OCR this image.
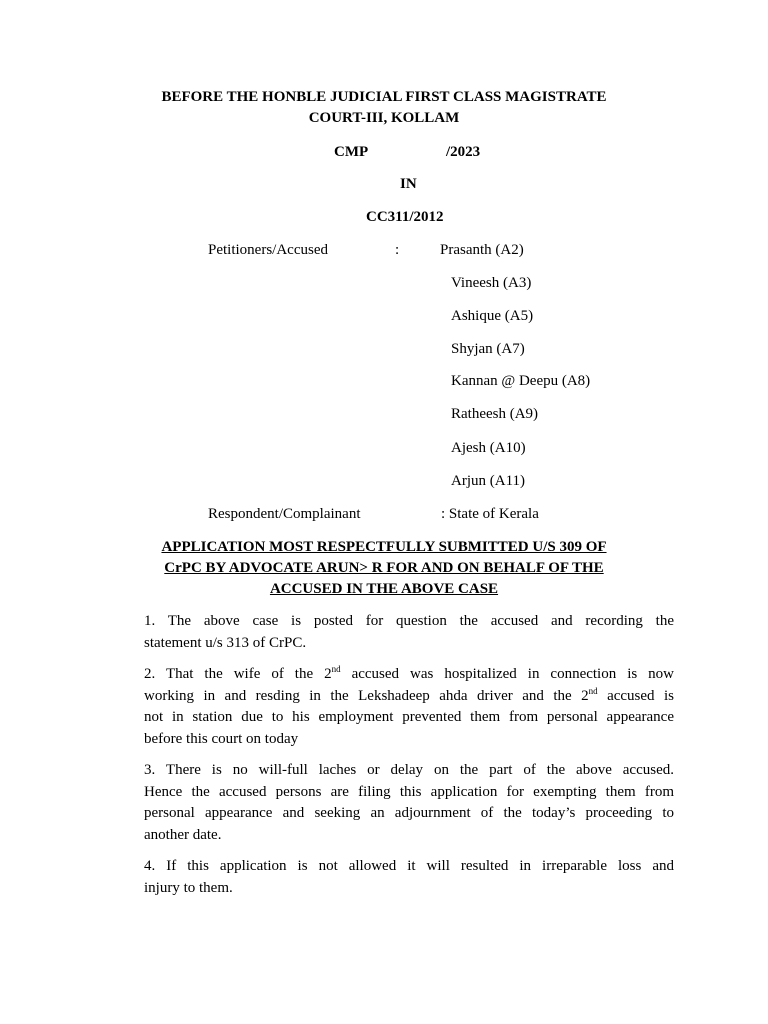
BEFORE THE HONBLE JUDICIAL FIRST CLASS MAGISTRATE
COURT-III, KOLLAM
CMP	/2023
IN
CC311/2012
Petitioners/Accused	:	Prasanth (A2)
Vineesh (A3)
Ashique (A5)
Shyjan (A7)
Kannan @ Deepu (A8)
Ratheesh (A9)
Ajesh (A10)
Arjun (A11)
Respondent/Complainant	: State of Kerala
APPLICATION MOST RESPECTFULLY SUBMITTED U/S 309 OF
CrPC BY ADVOCATE ARUN> R FOR AND ON BEHALF OF THE
ACCUSED IN THE ABOVE CASE
1. The above case is posted for question the accused and recording the
statement u/s 313 of CrPC.
2. That the wife of the 2nd accused was hospitalized in connection is now
working in and resding in the Lekshadeep ahda driver and the 2nd accused is
not in station due to his employment prevented them from personal appearance
before this court on today
3. There is no will-full laches or delay on the part of the above accused.
Hence the accused persons are filing this application for exempting them from
personal appearance and seeking an adjournment of the today’s proceeding to
another date.
4. If this application is not allowed it will resulted in irreparable loss and
injury to them.
